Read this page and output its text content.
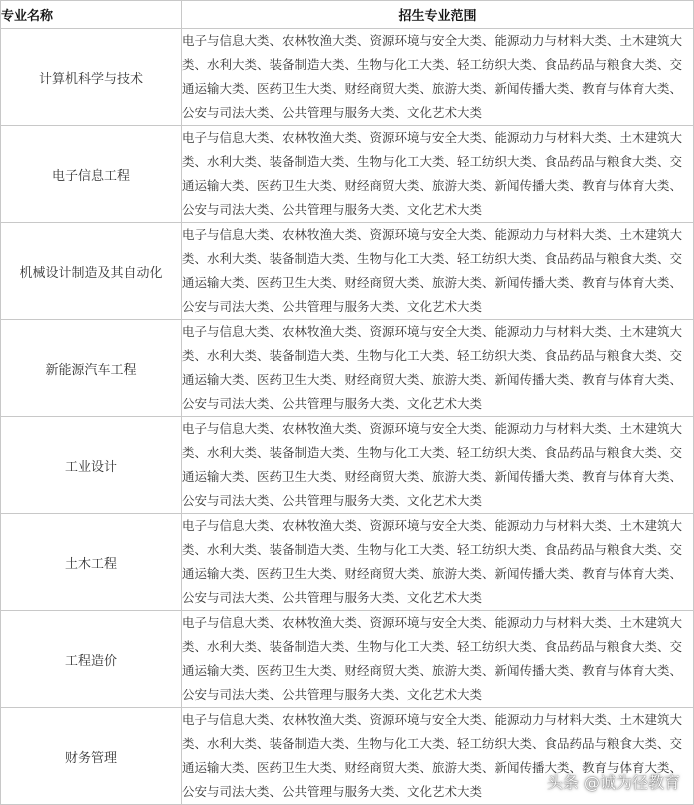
专业名称	招生专业范围
计算机科学与技术	电子与信息大类、农林牧渔大类、资源环境与安全大类、能源动力与材料大类、土木建筑大类、水利大类、装备制造大类、生物与化工大类、轻工纺织大类、食品药品与粮食大类、交通运输大类、医药卫生大类、财经商贸大类、旅游大类、新闻传播大类、教育与体育大类、公安与司法大类、公共管理与服务大类、文化艺术大类
电子信息工程	电子与信息大类、农林牧渔大类、资源环境与安全大类、能源动力与材料大类、土木建筑大类、水利大类、装备制造大类、生物与化工大类、轻工纺织大类、食品药品与粮食大类、交通运输大类、医药卫生大类、财经商贸大类、旅游大类、新闻传播大类、教育与体育大类、公安与司法大类、公共管理与服务大类、文化艺术大类
机械设计制造及其自动化	电子与信息大类、农林牧渔大类、资源环境与安全大类、能源动力与材料大类、土木建筑大类、水利大类、装备制造大类、生物与化工大类、轻工纺织大类、食品药品与粮食大类、交通运输大类、医药卫生大类、财经商贸大类、旅游大类、新闻传播大类、教育与体育大类、公安与司法大类、公共管理与服务大类、文化艺术大类
新能源汽车工程	电子与信息大类、农林牧渔大类、资源环境与安全大类、能源动力与材料大类、土木建筑大类、水利大类、装备制造大类、生物与化工大类、轻工纺织大类、食品药品与粮食大类、交通运输大类、医药卫生大类、财经商贸大类、旅游大类、新闻传播大类、教育与体育大类、公安与司法大类、公共管理与服务大类、文化艺术大类
工业设计	电子与信息大类、农林牧渔大类、资源环境与安全大类、能源动力与材料大类、土木建筑大类、水利大类、装备制造大类、生物与化工大类、轻工纺织大类、食品药品与粮食大类、交通运输大类、医药卫生大类、财经商贸大类、旅游大类、新闻传播大类、教育与体育大类、公安与司法大类、公共管理与服务大类、文化艺术大类
土木工程	电子与信息大类、农林牧渔大类、资源环境与安全大类、能源动力与材料大类、土木建筑大类、水利大类、装备制造大类、生物与化工大类、轻工纺织大类、食品药品与粮食大类、交通运输大类、医药卫生大类、财经商贸大类、旅游大类、新闻传播大类、教育与体育大类、公安与司法大类、公共管理与服务大类、文化艺术大类
工程造价	电子与信息大类、农林牧渔大类、资源环境与安全大类、能源动力与材料大类、土木建筑大类、水利大类、装备制造大类、生物与化工大类、轻工纺织大类、食品药品与粮食大类、交通运输大类、医药卫生大类、财经商贸大类、旅游大类、新闻传播大类、教育与体育大类、公安与司法大类、公共管理与服务大类、文化艺术大类
财务管理	电子与信息大类、农林牧渔大类、资源环境与安全大类、能源动力与材料大类、土木建筑大类、水利大类、装备制造大类、生物与化工大类、轻工纺织大类、食品药品与粮食大类、交通运输大类、医药卫生大类、财经商贸大类、旅游大类、新闻传播大类、教育与体育大类、公安与司法大类、公共管理与服务大类、文化艺术大类	头条 @诚为径教育
